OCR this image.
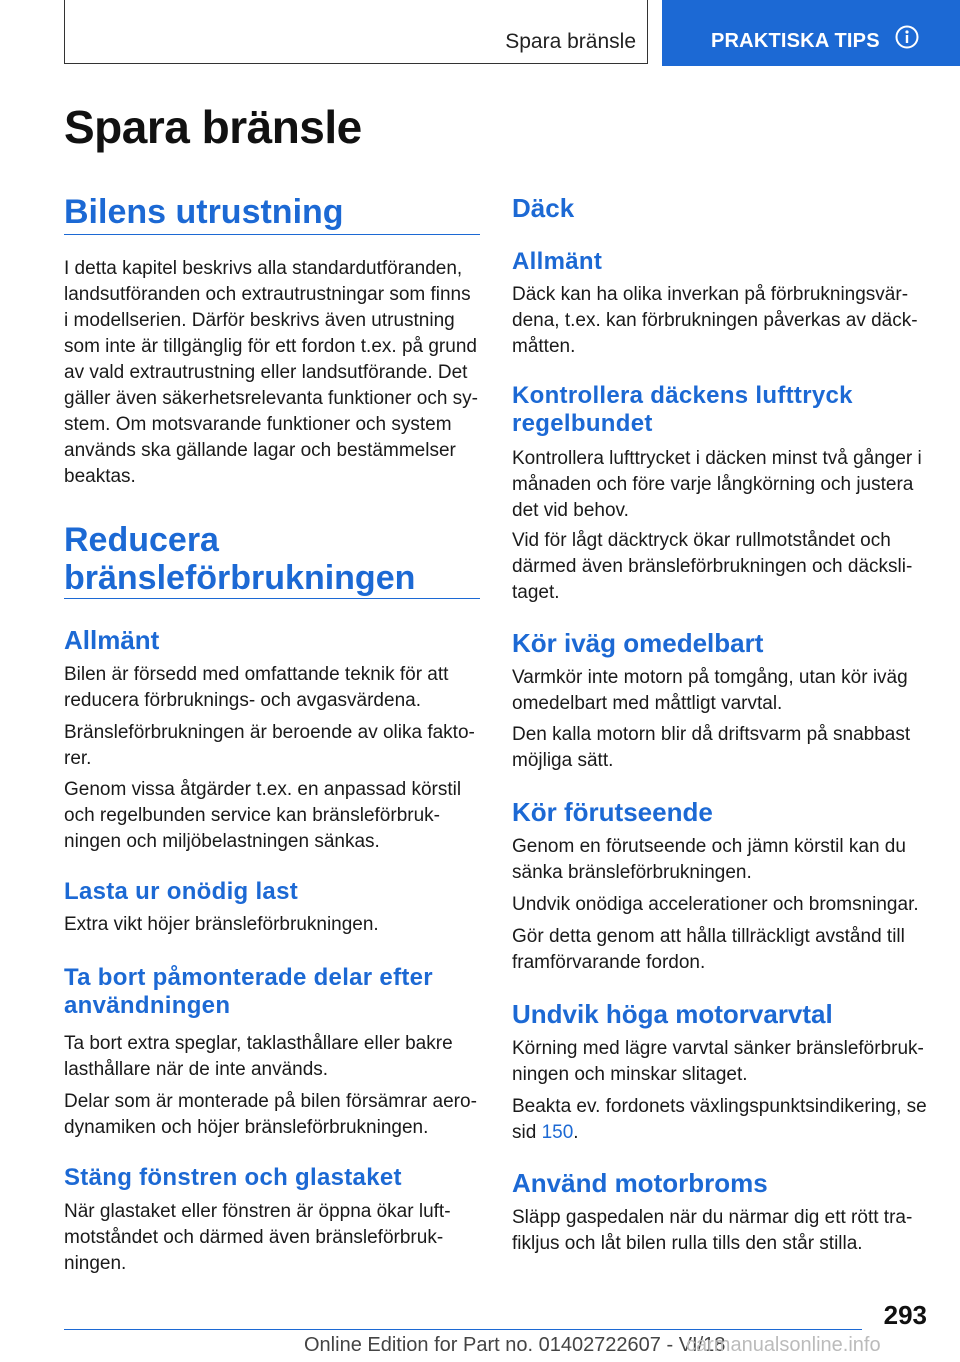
Spara bränsle	PRAKTISKA TIPS
Spara bränsle
Bilens utrustning

I detta kapitel beskrivs alla standardutföranden, landsutföranden och extrautrustningar som finns i modellserien. Därför beskrivs även utrustning som inte är tillgänglig för ett fordon t.ex. på grund av vald extrautrustning eller landsutförande. Det gäller även säkerhetsrelevanta funktioner och sy-stem. Om motsvarande funktioner och system används ska gällande lagar och bestämmelser beaktas.

Reducera bränsleförbrukningen
Allmänt

Bilen är försedd med omfattande teknik för att reducera förbruknings- och avgasvärdena.

Bränsleförbrukningen är beroende av olika fakto-rer.

Genom vissa åtgärder t.ex. en anpassad körstil och regelbunden service kan bränsleförbruk-ningen och miljöbelastningen sänkas.

Lasta ur onödig last

Extra vikt höjer bränsleförbrukningen.

Ta bort påmonterade delar efter användningen

Ta bort extra speglar, taklasthållare eller bakre lasthållare när de inte används.

Delar som är monterade på bilen försämrar aero-dynamiken och höjer bränsleförbrukningen.

Stäng fönstren och glastaket

När glastaket eller fönstren är öppna ökar luft-motståndet och därmed även bränsleförbruk-ningen.

Däck
Allmänt

Däck kan ha olika inverkan på förbrukningsvär-dena, t.ex. kan förbrukningen påverkas av däck-måtten.

Kontrollera däckens lufttryck regelbundet

Kontrollera lufttrycket i däcken minst två gånger i månaden och före varje långkörning och justera det vid behov.

Vid för lågt däcktryck ökar rullmotståndet och därmed även bränsleförbrukningen och däcksli-taget.

Kör iväg omedelbart

Varmkör inte motorn på tomgång, utan kör iväg omedelbart med måttligt varvtal.

Den kalla motorn blir då driftsvarm på snabbast möjliga sätt.

Kör förutseende

Genom en förutseende och jämn körstil kan du sänka bränsleförbrukningen.

Undvik onödiga accelerationer och bromsningar.

Gör detta genom att hålla tillräckligt avstånd till framförvarande fordon.

Undvik höga motorvarvtal

Körning med lägre varvtal sänker bränsleförbruk-ningen och minskar slitaget.

Beakta ev. fordonets växlingspunktsindikering, se sid 150.

Använd motorbroms

Släpp gaspedalen när du närmar dig ett rött tra-fikljus och låt bilen rulla tills den står stilla.

293
Online Edition for Part no. 01402722607 - VI/18
carmanualsonline.info
